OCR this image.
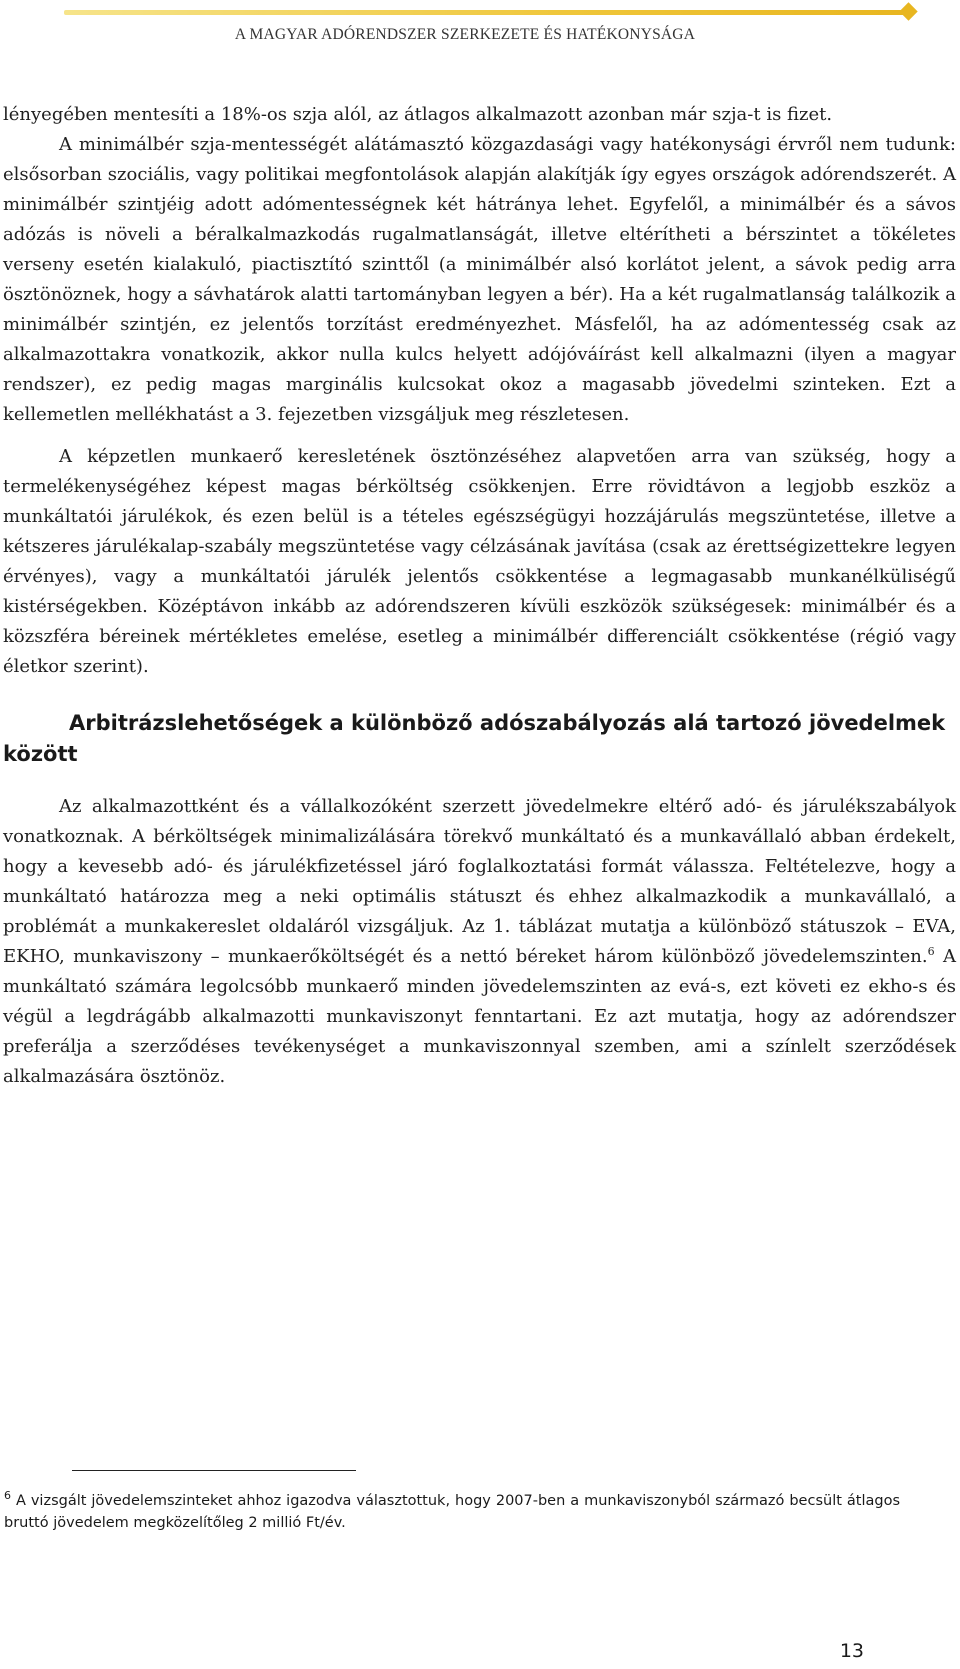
A MAGYAR ADÓRENDSZER SZERKEZETE ÉS HATÉKONYSÁGA

lényegében mentesíti a 18%-os szja alól, az átlagos alkalmazott azonban már szja-t is fizet.

A minimálbér szja-mentességét alátámasztó közgazdasági vagy hatékonysági érvről nem tudunk: elsősorban szociális, vagy politikai megfontolások alapján alakítják így egyes országok adórendszerét. A minimálbér szintjéig adott adómentességnek két hátránya lehet. Egyfelől, a minimálbér és a sávos adózás is növeli a béralkalmazkodás rugalmatlanságát, illetve eltérítheti a bérszintet a tökéletes verseny esetén kialakuló, piactisztító szinttől (a minimálbér alsó korlátot jelent, a sávok pedig arra ösztönöznek, hogy a sávhatárok alatti tartományban legyen a bér). Ha a két rugalmatlanság találkozik a minimálbér szintjén, ez jelentős torzítást eredményezhet. Másfelől, ha az adómentesség csak az alkalmazottakra vonatkozik, akkor nulla kulcs helyett adójóváírást kell alkalmazni (ilyen a magyar rendszer), ez pedig magas marginális kulcsokat okoz a magasabb jövedelmi szinteken. Ezt a kellemetlen mellékhatást a 3. fejezetben vizsgáljuk meg részletesen.

A képzetlen munkaerő keresletének ösztönzéséhez alapvetően arra van szükség, hogy a termelékenységéhez képest magas bérköltség csökkenjen. Erre rövidtávon a legjobb eszköz a munkáltatói járulékok, és ezen belül is a tételes egészségügyi hozzájárulás megszüntetése, illetve a kétszeres járulékalap-szabály megszüntetése vagy célzásának javítása (csak az érettségizettekre legyen érvényes), vagy a munkáltatói járulék jelentős csökkentése a legmagasabb munkanélküliségű kistérségekben. Középtávon inkább az adórendszeren kívüli eszközök szükségesek: minimálbér és a közszféra béreinek mértékletes emelése, esetleg a minimálbér differenciált csökkentése (régió vagy életkor szerint).

Arbitrázslehetőségek a különböző adószabályozás alá tartozó jövedelmek között

Az alkalmazottként és a vállalkozóként szerzett jövedelmekre eltérő adó- és járulékszabályok vonatkoznak. A bérköltségek minimalizálására törekvő munkáltató és a munkavállaló abban érdekelt, hogy a kevesebb adó- és járulékfizetéssel járó foglalkoztatási formát válassza. Feltételezve, hogy a munkáltató határozza meg a neki optimális státuszt és ehhez alkalmazkodik a munkavállaló, a problémát a munkakereslet oldaláról vizsgáljuk. Az 1. táblázat mutatja a különböző státuszok – EVA, EKHO, munkaviszony – munkaerőköltségét és a nettó béreket három különböző jövedelemszinten.$^6$ A munkáltató számára legolcsóbb munkaerő minden jövedelemszinten az evá-s, ezt követi ez ekho-s és végül a legdrágább alkalmazotti munkaviszonyt fenntartani. Ez azt mutatja, hogy az adórendszer preferálja a szerződéses tevékenységet a munkaviszonnyal szemben, ami a színlelt szerződések alkalmazására ösztönöz.

$^6$ A vizsgált jövedelemszinteket ahhoz igazodva választottuk, hogy 2007-ben a munkaviszonyból származó becsült átlagos bruttó jövedelem megközelítőleg 2 millió Ft/év.
13
